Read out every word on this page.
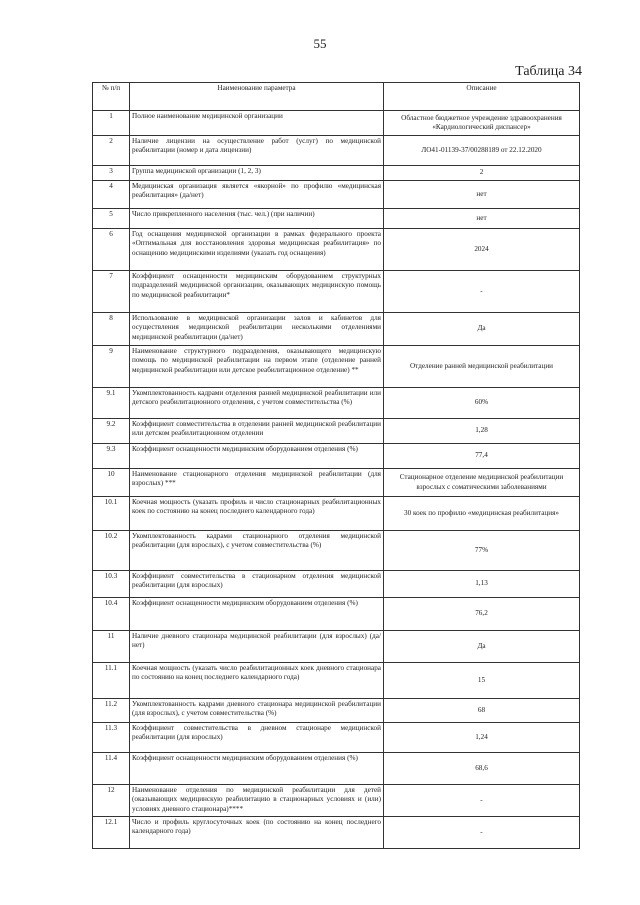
55
Таблица 34
№ п/п	Наименование параметра	Описание
1	Полное наименование медицинской организации	Областное бюджетное учреждение здравоохранения «Кардиологический диспансер»
2	Наличие лицензии на осуществление работ (услуг) по медицинской реабилитации (номер и дата лицензии)	ЛО41-01139-37/00288189 от 22.12.2020
3	Группа медицинской организации (1, 2, 3)	2
4	Медицинская организация является «якорной» по профилю «медицинская реабилитация» (да/нет)	нет
5	Число прикрепленного населения (тыс. чел.) (при наличии)	нет
6	Год оснащения медицинской организации в рамках федерального проекта «Оптимальная для восстановления здоровья медицинская реабилитация» по оснащению медицинскими изделиями (указать год оснащения)	2024
7	Коэффициент оснащенности медицинским оборудованием структурных подразделений медицинской организации, оказывающих медицинскую помощь по медицинской реабилитации*	-
8	Использование в медицинской организации залов и кабинетов для осуществления медицинской реабилитации несколькими отделениями медицинской реабилитации (да/нет)	Да
9	Наименование структурного подразделения, оказывающего медицинскую помощь по медицинской реабилитации на первом этапе (отделение ранней медицинской реабилитации или детское реабилитационное отделение) **	Отделение ранней медицинской реабилитации
9.1	Укомплектованность кадрами отделения ранней медицинской реабилитации или детского реабилитационного отделения, с учетом совместительства (%)	60%
9.2	Коэффициент совместительства в отделении ранней медицинской реабилитации или детском реабилитационном отделении	1,28
9.3	Коэффициент оснащенности медицинским оборудованием отделения (%)	77,4
10	Наименование стационарного отделения медицинской реабилитации (для взрослых) ***	Стационарное отделение медицинской реабилитации взрослых с соматическими заболеваниями
10.1	Коечная мощность (указать профиль и число стационарных реабилитационных коек по состоянию на конец последнего календарного года)	30 коек по профилю «медицинская реабилитация»
10.2	Укомплектованность кадрами стационарного отделения медицинской реабилитации (для взрослых), с учетом совместительства (%)	77%
10.3	Коэффициент совместительства в стационарном отделения медицинской реабилитации (для взрослых)	1,13
10.4	Коэффициент оснащенности медицинским оборудованием отделения (%)	76,2
11	Наличие дневного стационара медицинской реабилитации (для взрослых) (да/нет)	Да
11.1	Коечная мощность (указать число реабилитационных коек дневного стационара по состоянию на конец последнего календарного года)	15
11.2	Укомплектованность кадрами дневного стационара медицинской реабилитации (для взрослых), с учетом совместительства (%)	68
11.3	Коэффициент совместительства в дневном стационаре медицинской реабилитации (для взрослых)	1,24
11.4	Коэффициент оснащенности медицинским оборудованием отделения (%)	68,6
12	Наименование отделения по медицинской реабилитации для детей (оказывающих медицинскую реабилитацию в стационарных условиях и (или) условиях дневного стационара)****	-
12.1	Число и профиль круглосуточных коек (по состоянию на конец последнего календарного года)	-
